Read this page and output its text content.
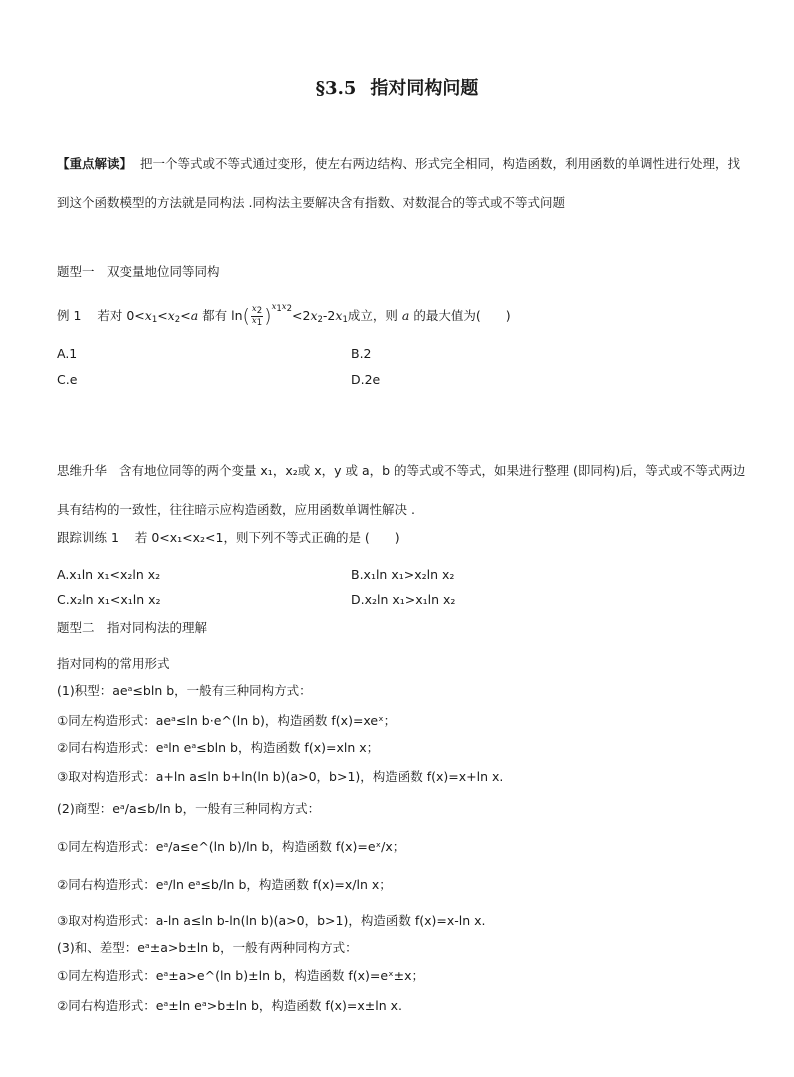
§3.5 指对同构问题
【重点解读】 把一个等式或不等式通过变形，使左右两边结构、形式完全相同，构造函数，利用函数的单调性进行处理，找到这个函数模型的方法就是同构法 .同构法主要解决含有指数、对数混合的等式或不等式问题
题型一　双变量地位同等同构
例 1 若对 $0<x_1<x_2<a$ 都有 $\ln( \frac{x_2}{x_1} )^{x_1x_2}<2x_2-2x_1$成立，则 a 的最大值为(　　)
A.1	B.2
C.e	D.2e
思维升华 含有地位同等的两个变量 x₁，x₂或 x，y 或 a，b 的等式或不等式，如果进行整理 (即同构)后，等式或不等式两边具有结构的一致性，往往暗示应构造函数，应用函数单调性解决 .
跟踪训练 1 若 0<x₁<x₂<1，则下列不等式正确的是 (　　)
A.x₁ln x₁<x₂ln x₂	B.x₁ln x₁>x₂ln x₂
C.x₂ln x₁<x₁ln x₂	D.x₂ln x₁>x₁ln x₂
题型二　指对同构法的理解
指对同构的常用形式
(1)积型：aeᵃ≤bln b，一般有三种同构方式：
①同左构造形式：aeᵃ≤ln b·e^(ln b)，构造函数 f(x)=xeˣ；
②同右构造形式：eᵃln eᵃ≤bln b，构造函数 f(x)=xln x；
③取对构造形式：a+ln a≤ln b+ln(ln b)(a>0，b>1)，构造函数 f(x)=x+ln x.
(2)商型：eᵃ/a≤b/ln b，一般有三种同构方式：
①同左构造形式：eᵃ/a≤e^(ln b)/ln b，构造函数 f(x)=eˣ/x；
②同右构造形式：eᵃ/ln eᵃ≤b/ln b，构造函数 f(x)=x/ln x；
③取对构造形式：a-ln a≤ln b-ln(ln b)(a>0，b>1)，构造函数 f(x)=x-ln x.
(3)和、差型：eᵃ±a>b±ln b，一般有两种同构方式：
①同左构造形式：eᵃ±a>e^(ln b)±ln b，构造函数 f(x)=eˣ±x；
②同右构造形式：eᵃ±ln eᵃ>b±ln b，构造函数 f(x)=x±ln x.
